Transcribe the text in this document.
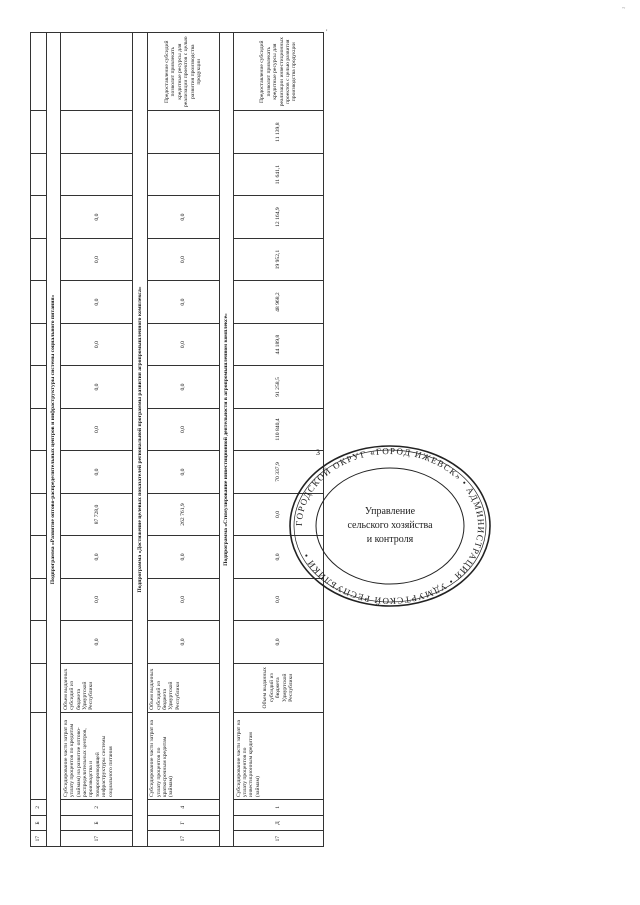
3
,
~
17	Б	2																
Подпрограмма «Развитие оптово-распределительных центров и инфраструктуры системы социального питания»																		
17	Б	2	Субсидирование части затрат на уплату процентов по кредитам (займам) на развитие оптово-распределительных центров, производства и товаропроводящей инфраструктуры системы социального питания	Объем выданных субсидий из бюджета Удмуртской Республики	0,0	0,0	0,0	87 728,0	0,0	0,0	0,0	0,0	0,0	0,0	0,0			
Подпрограмма «Достижение целевых показателей региональной программы развития агропромышленного комплекса»																		
17	Г	4	Субсидирование части затрат на уплату процентов по краткосрочным кредитам (займам)	Объем выданных субсидий из бюджета Удмуртской Республики	0,0	0,0	0,0	262 761,9	0,0	0,0	0,0	0,0	0,0	0,0	0,0			Предоставление субсидий позволит привлекать кредитные ресурсы для реализации проектов с целью развития производства продукции
Подпрограмма «Стимулирование инвестиционной деятельности в агропромышленном комплексе»																		
17	Д	1	Субсидирование части затрат на уплату процентов по инвестиционным кредитам (займам)	Объем выданных субсидий из бюджета Удмуртской Республики	0,0	0,0	0,0	0,0	70 337,9	110 840,4	91 258,5	44 189,8	48 968,2	19 952,1	12 164,9	11 641,1	11 139,8	Предоставление субсидий позволит привлекать кредитные ресурсы для реализации инвестиционных проектов с целью развития производства продукции
ГОРОДСКОЙ ОКРУГ «ГОРОД ИЖЕВСК» • АДМИНИСТРАЦИЯ • УДМУРТСКОЙ РЕСПУБЛИКИ •
Управление
сельского хозяйства
и контроля
